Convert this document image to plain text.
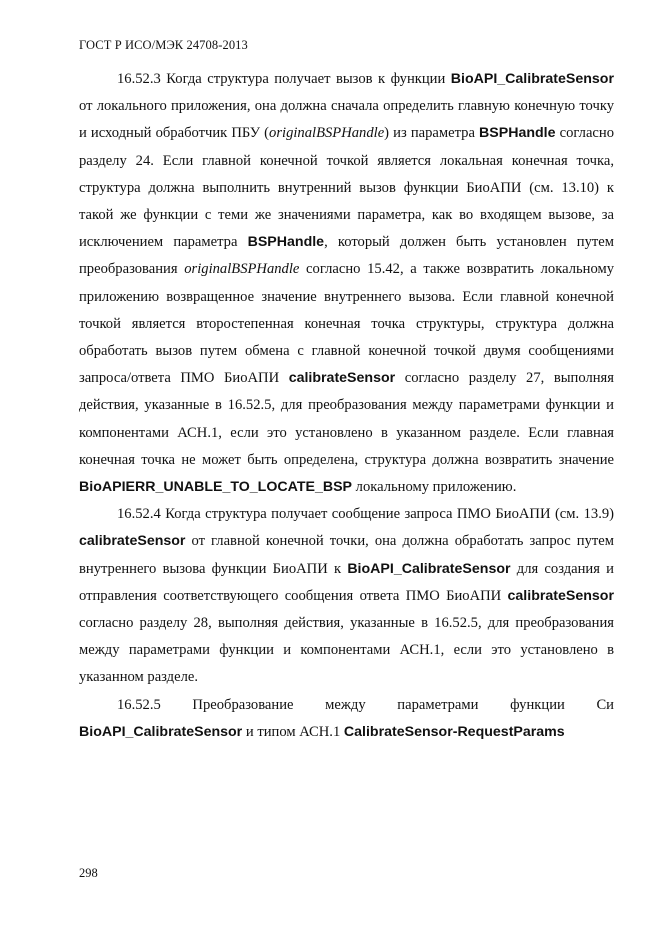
ГОСТ Р ИСО/МЭК 24708-2013

16.52.3 Когда структура получает вызов к функции BioAPI_CalibrateSensor от локального приложения, она должна сначала определить главную конечную точку и исходный обработчик ПБУ (originalBSPHandle) из параметра BSPHandle согласно разделу 24. Если главной конечной точкой является локальная конечная точка, структура должна выполнить внутренний вызов функции БиоАПИ (см. 13.10) к такой же функции с теми же значениями параметра, как во входящем вызове, за исключением параметра BSPHandle, который должен быть установлен путем преобразования originalBSPHandle согласно 15.42, а также возвратить локальному приложению возвращенное значение внутреннего вызова. Если главной конечной точкой является второстепенная конечная точка структуры, структура должна обработать вызов путем обмена с главной конечной точкой двумя сообщениями запроса/ответа ПМО БиоАПИ calibrateSensor согласно разделу 27, выполняя действия, указанные в 16.52.5, для преобразования между параметрами функции и компонентами АСН.1, если это установлено в указанном разделе. Если главная конечная точка не может быть определена, структура должна возвратить значение BioAPIERR_UNABLE_TO_LOCATE_BSP локальному приложению.

16.52.4 Когда структура получает сообщение запроса ПМО БиоАПИ (см. 13.9) calibrateSensor от главной конечной точки, она должна обработать запрос путем внутреннего вызова функции БиоАПИ к BioAPI_CalibrateSensor для создания и отправления соответствующего сообщения ответа ПМО БиоАПИ calibrateSensor согласно разделу 28, выполняя действия, указанные в 16.52.5, для преобразования между параметрами функции и компонентами АСН.1, если это установлено в указанном разделе.

16.52.5 Преобразование между параметрами функции Си BioAPI_CalibrateSensor и типом АСН.1 CalibrateSensor-RequestParams

298
